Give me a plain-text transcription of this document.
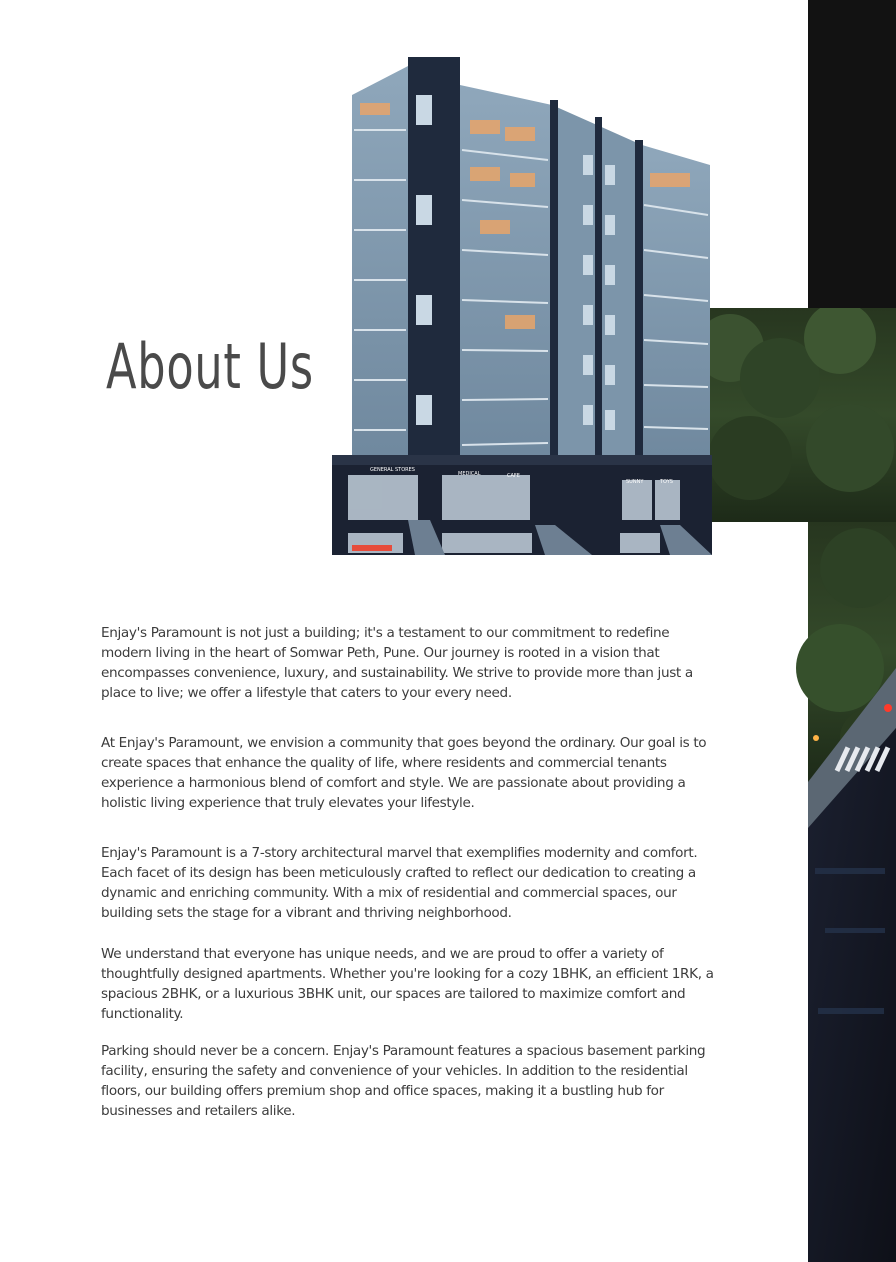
About Us
GENERAL STORES
MEDICAL	CAFE
SUNNY	TOYS

Enjay's Paramount is not just a building; it's a testament to our commitment to redefine modern living in the heart of Somwar Peth, Pune. Our journey is rooted in a vision that encompasses convenience, luxury, and sustainability. We strive to provide more than just a place to live; we offer a lifestyle that caters to your every need.

At Enjay's Paramount, we envision a community that goes beyond the ordinary. Our goal is to create spaces that enhance the quality of life, where residents and commercial tenants experience a harmonious blend of comfort and style. We are passionate about providing a holistic living experience that truly elevates your lifestyle.

Enjay's Paramount is a 7-story architectural marvel that exemplifies modernity and comfort. Each facet of its design has been meticulously crafted to reflect our dedication to creating a dynamic and enriching community. With a mix of residential and commercial spaces, our building sets the stage for a vibrant and thriving neighborhood.

We understand that everyone has unique needs, and we are proud to offer a variety of thoughtfully designed apartments. Whether you're looking for a cozy 1BHK, an efficient 1RK, a spacious 2BHK, or a luxurious 3BHK unit, our spaces are tailored to maximize comfort and functionality.

Parking should never be a concern. Enjay's Paramount features a spacious basement parking facility, ensuring the safety and convenience of your vehicles. In addition to the residential floors, our building offers premium shop and office spaces, making it a bustling hub for businesses and retailers alike.
